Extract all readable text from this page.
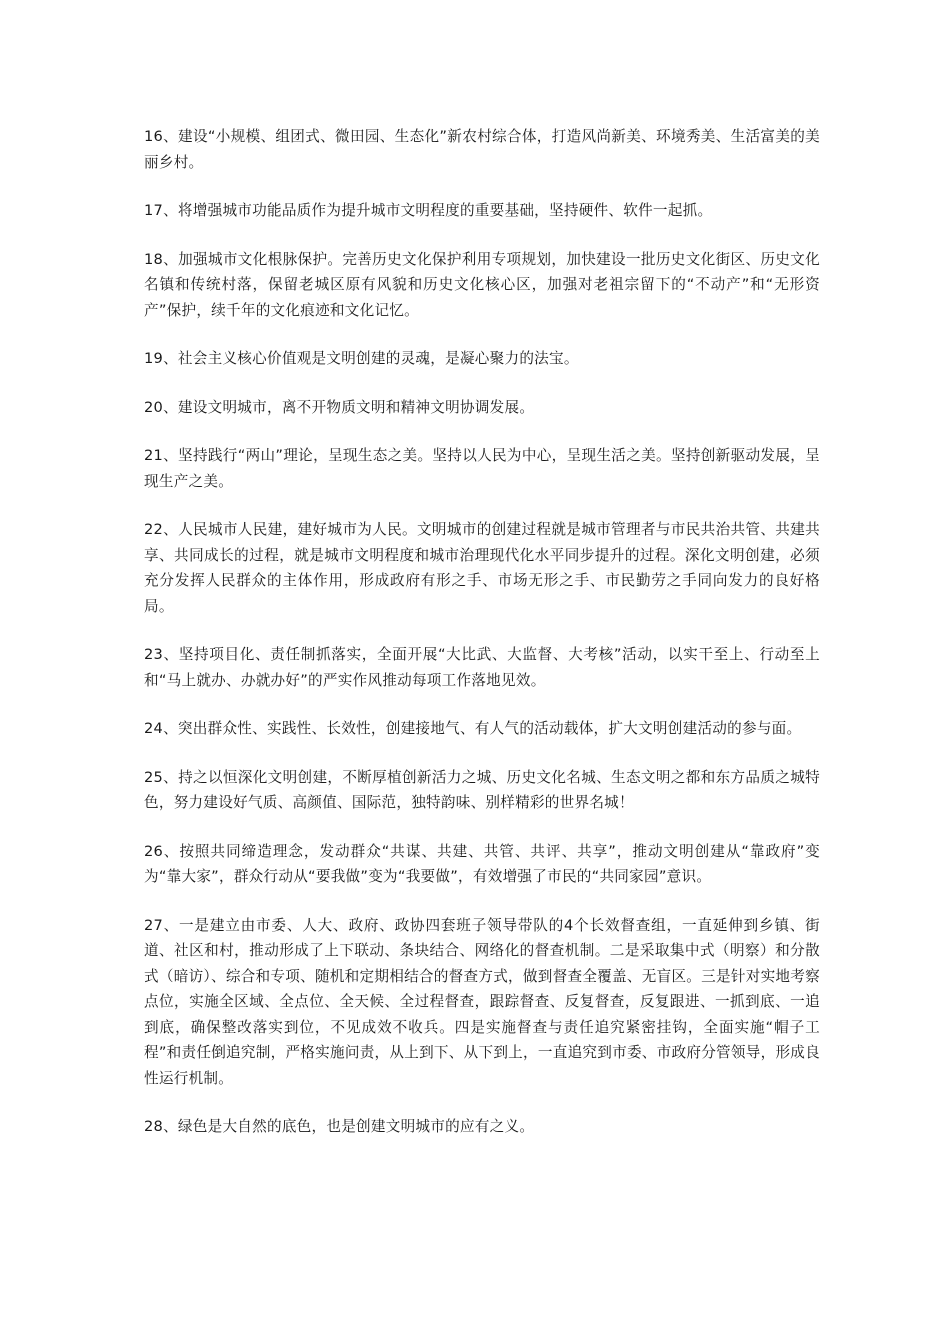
16、建设“小规模、组团式、微田园、生态化”新农村综合体，打造风尚新美、环境秀美、生活富美的美丽乡村。

17、将增强城市功能品质作为提升城市文明程度的重要基础，坚持硬件、软件一起抓。

18、加强城市文化根脉保护。完善历史文化保护利用专项规划，加快建设一批历史文化街区、历史文化名镇和传统村落，保留老城区原有风貌和历史文化核心区，加强对老祖宗留下的“不动产”和“无形资产”保护，续千年的文化痕迹和文化记忆。

19、社会主义核心价值观是文明创建的灵魂，是凝心聚力的法宝。

20、建设文明城市，离不开物质文明和精神文明协调发展。

21、坚持践行“两山”理论，呈现生态之美。坚持以人民为中心，呈现生活之美。坚持创新驱动发展，呈现生产之美。

22、人民城市人民建，建好城市为人民。文明城市的创建过程就是城市管理者与市民共治共管、共建共享、共同成长的过程，就是城市文明程度和城市治理现代化水平同步提升的过程。深化文明创建，必须充分发挥人民群众的主体作用，形成政府有形之手、市场无形之手、市民勤劳之手同向发力的良好格局。

23、坚持项目化、责任制抓落实，全面开展“大比武、大监督、大考核”活动，以实干至上、行动至上和“马上就办、办就办好”的严实作风推动每项工作落地见效。

24、突出群众性、实践性、长效性，创建接地气、有人气的活动载体，扩大文明创建活动的参与面。

25、持之以恒深化文明创建，不断厚植创新活力之城、历史文化名城、生态文明之都和东方品质之城特色，努力建设好气质、高颜值、国际范，独特韵味、别样精彩的世界名城！

26、按照共同缔造理念，发动群众“共谋、共建、共管、共评、共享”，推动文明创建从“靠政府”变为“靠大家”，群众行动从“要我做”变为“我要做”，有效增强了市民的“共同家园”意识。

27、一是建立由市委、人大、政府、政协四套班子领导带队的4个长效督查组，一直延伸到乡镇、街道、社区和村，推动形成了上下联动、条块结合、网络化的督查机制。二是采取集中式（明察）和分散式（暗访）、综合和专项、随机和定期相结合的督查方式，做到督查全覆盖、无盲区。三是针对实地考察点位，实施全区域、全点位、全天候、全过程督查，跟踪督查、反复督查，反复跟进、一抓到底、一追到底，确保整改落实到位，不见成效不收兵。四是实施督查与责任追究紧密挂钩，全面实施“帽子工程”和责任倒追究制，严格实施问责，从上到下、从下到上，一直追究到市委、市政府分管领导，形成良性运行机制。

28、绿色是大自然的底色，也是创建文明城市的应有之义。
